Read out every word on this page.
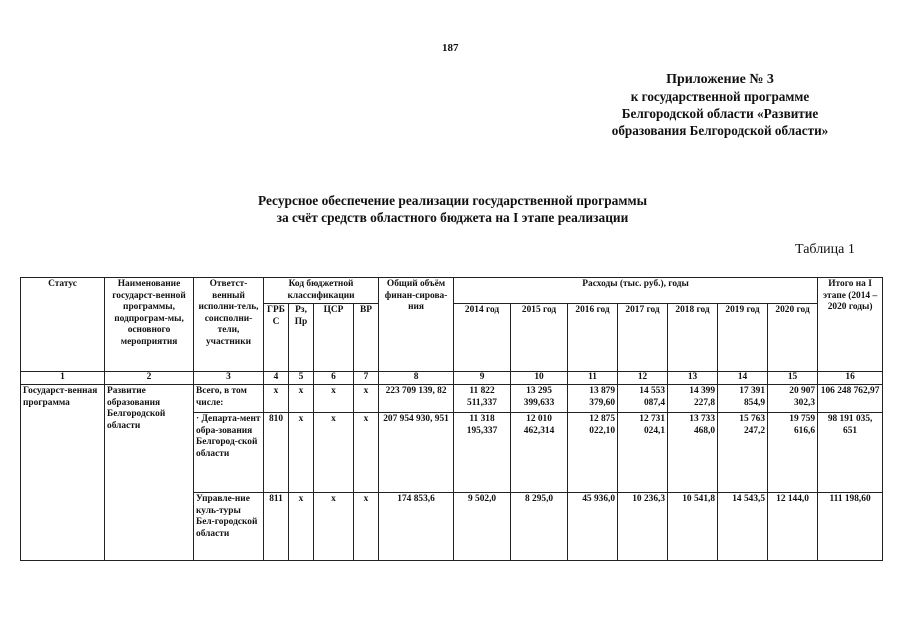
187
Приложение № 3
к государственной программе
Белгородской области «Развитие
образования Белгородской области»
Ресурсное обеспечение реализации государственной программы
за счёт средств областного бюджета на I этапе реализации
Таблица 1
Статус	Наименование государст-венной программы, подпрограм-мы, основного мероприятия	Ответст-венный исполни-тель, соисполни-тели, участники	Код бюджетной классификации				Общий объём финан-сирова-ния	Расходы (тыс. руб.), годы							Итого на I этапе (2014 – 2020 годы)
			ГРБ С	Рз, Пр	ЦСР	ВР		2014 год	2015 год	2016 год	2017 год	2018 год	2019 год	2020 год	
1	2	3	4	5	6	7	8	9	10	11	12	13	14	15	16
Государст-венная программа	Развитие образования Белгородской области	Всего, в том числе:	х	х	х	х	223 709 139, 82	11 822 511,337	13 295 399,633	13 879 379,60	14 553 087,4	14 399 227,8	17 391 854,9	20 907 302,3	106 248 762,97
		· Департа-мент обра-зования Белгород-ской области	810	х	х	х	207 954 930, 951	11 318 195,337	12 010 462,314	12 875 022,10	12 731 024,1	13 733 468,0	15 763 247,2	19 759 616,6	98 191 035, 651
		Управле-ние куль-туры Бел-городской области	811	х	х	х	174 853,6	9 502,0	8 295,0	45 936,0	10 236,3	10 541,8	14 543,5	12 144,0	111 198,60
